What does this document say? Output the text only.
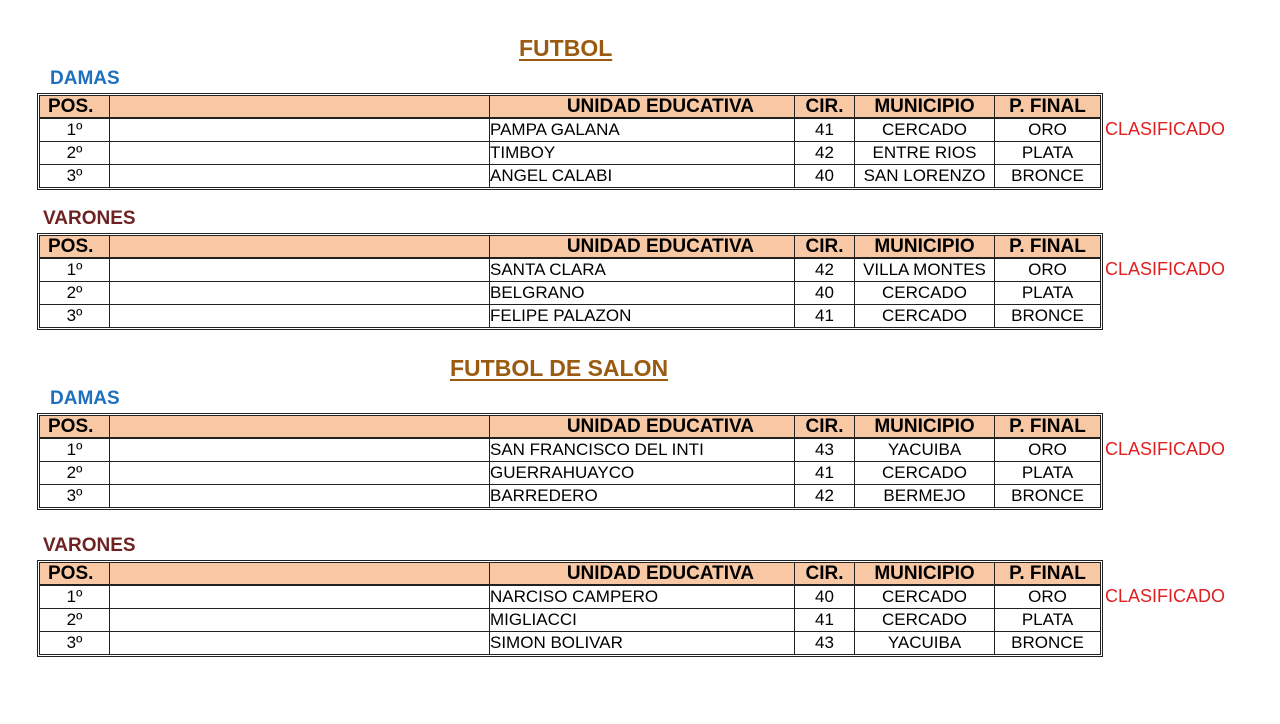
FUTBOL
DAMAS
POS.		UNIDAD EDUCATIVA	CIR.	MUNICIPIO	P. FINAL
1º		PAMPA GALANA	41	CERCADO	ORO
2º		TIMBOY	42	ENTRE RIOS	PLATA
3º		ANGEL CALABI	40	SAN LORENZO	BRONCE
CLASIFICADO
VARONES
POS.		UNIDAD EDUCATIVA	CIR.	MUNICIPIO	P. FINAL
1º		SANTA CLARA	42	VILLA MONTES	ORO
2º		BELGRANO	40	CERCADO	PLATA
3º		FELIPE PALAZON	41	CERCADO	BRONCE
CLASIFICADO
FUTBOL DE SALON
DAMAS
POS.		UNIDAD EDUCATIVA	CIR.	MUNICIPIO	P. FINAL
1º		SAN FRANCISCO DEL INTI	43	YACUIBA	ORO
2º		GUERRAHUAYCO	41	CERCADO	PLATA
3º		BARREDERO	42	BERMEJO	BRONCE
CLASIFICADO
VARONES
POS.		UNIDAD EDUCATIVA	CIR.	MUNICIPIO	P. FINAL
1º		NARCISO CAMPERO	40	CERCADO	ORO
2º		MIGLIACCI	41	CERCADO	PLATA
3º		SIMON BOLIVAR	43	YACUIBA	BRONCE
CLASIFICADO
